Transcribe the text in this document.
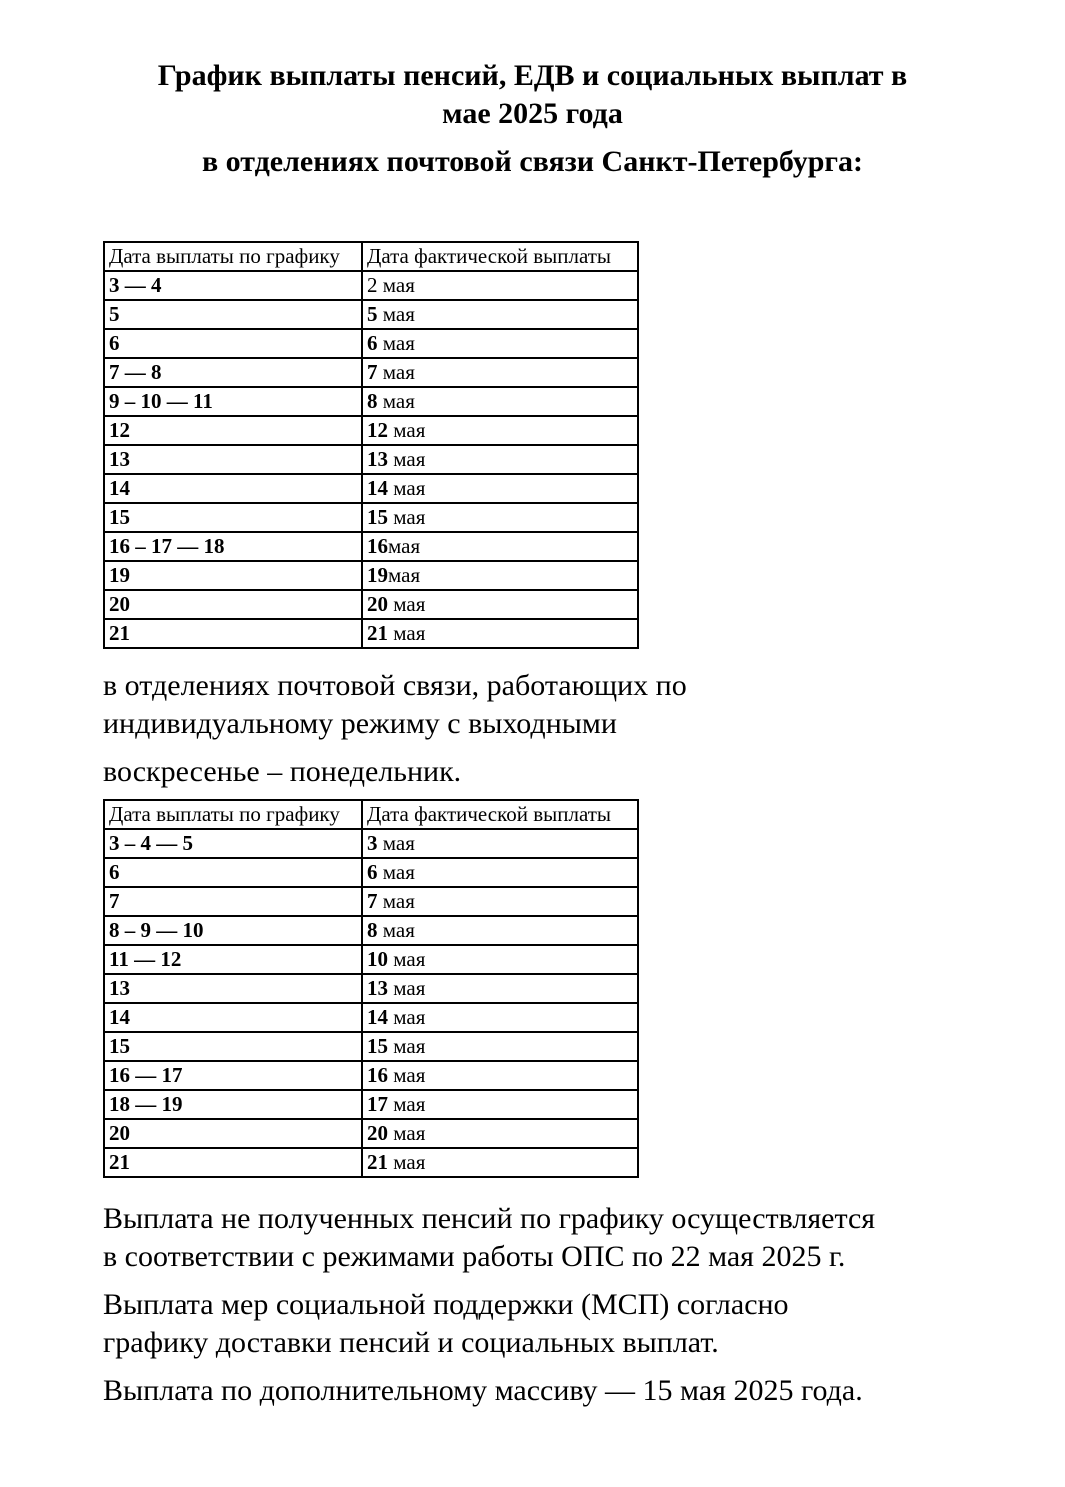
График выплаты пенсий, ЕДВ и социальных выплат в
мае 2025 года
в отделениях почтовой связи Санкт-Петербурга:
Дата выплаты по графику	Дата фактической выплаты
3 — 4	2 мая
5	5 мая
6	6 мая
7 — 8	7 мая
9 – 10 — 11	8 мая
12	12 мая
13	13 мая
14	14 мая
15	15 мая
16 – 17 — 18	16мая
19	19мая
20	20 мая
21	21 мая
в отделениях почтовой связи, работающих по
индивидуальному режиму с выходными
воскресенье – понедельник.
Дата выплаты по графику	Дата фактической выплаты
3 – 4 — 5	3 мая
6	6 мая
7	7 мая
8 – 9 — 10	8 мая
11 — 12	10 мая
13	13 мая
14	14 мая
15	15 мая
16 — 17	16 мая
18 — 19	17 мая
20	20 мая
21	21 мая
Выплата не полученных пенсий по графику осуществляется
в соответствии с режимами работы ОПС по 22 мая 2025 г.
Выплата мер социальной поддержки (МСП) согласно
графику доставки пенсий и социальных выплат.
Выплата по дополнительному массиву — 15 мая 2025 года.
